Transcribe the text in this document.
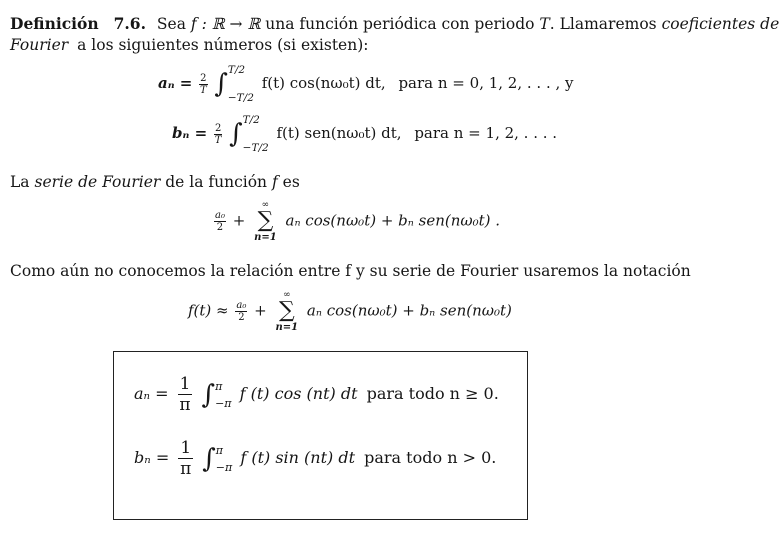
Definición 7.6. Sea f : ℝ → ℝ una función periódica con periodo T. Llamaremos coeficientes de
Fourier a los siguientes números (si existen):
$a_n = \frac{2}{T}$ ∫ T/2
−T/2
f(t) cos(nω₀t) dt, para n = 0, 1, 2, . . . , y
$b_n = \frac{2}{T}$ ∫ T/2
−T/2
f(t) sen(nω₀t) dt, para n = 1, 2, . . . .
La serie de Fourier de la función f es
$\frac{\text{a₀}}{2}$ +
∞
∑
n=1
aₙ cos(nω₀t) + bₙ sen(nω₀t) .
Como aún no conocemos la relación entre f y su serie de Fourier usaremos la notación
$f(t) \approx \frac{\text{a₀}}{2}$ +
∞
∑
n=1
aₙ cos(nω₀t) + bₙ sen(nω₀t)
$a_n = \frac{1}{\pi}$ ∫ π
−π f (t) cos (nt) dt para todo n ≥ 0.
$b_n = \frac{1}{\pi}$ ∫ π
−π f (t) sin (nt) dt para todo n > 0.
